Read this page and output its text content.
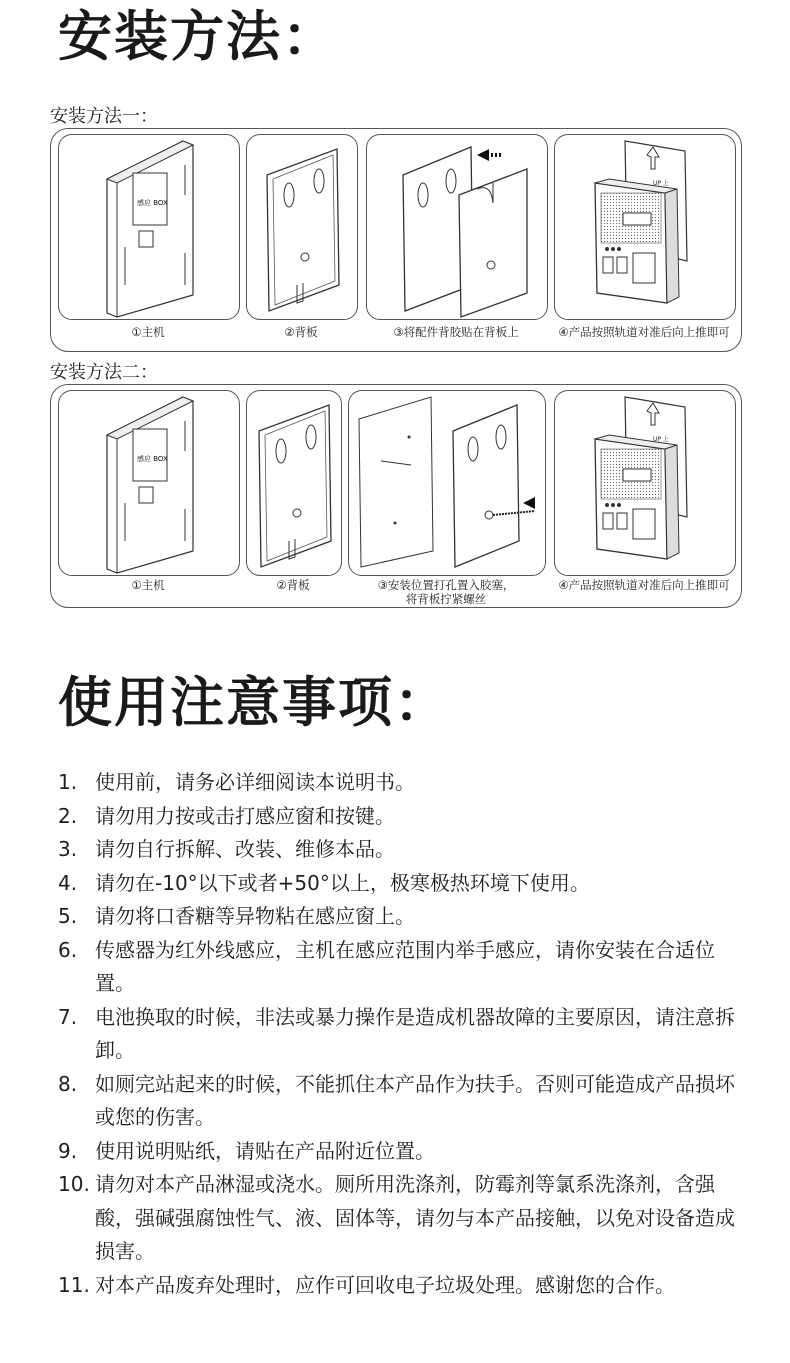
安装方法：
安装方法一：
感应 BOX
UP 上
①主机	②背板	③将配件背胶贴在背板上	④产品按照轨道对准后向上推即可
安装方法二：
感应 BOX
UP 上
①主机	②背板	③安装位置打孔置入胶塞，
将背板拧紧螺丝
④产品按照轨道对准后向上推即可
使用注意事项：
1. 使用前，请务必详细阅读本说明书。
2. 请勿用力按或击打感应窗和按键。
3. 请勿自行拆解、改装、维修本品。
4. 请勿在-10°以下或者+50°以上，极寒极热环境下使用。
5. 请勿将口香糖等异物粘在感应窗上。
6. 传感器为红外线感应，主机在感应范围内举手感应，请你安装在合适位置。
7. 电池换取的时候，非法或暴力操作是造成机器故障的主要原因，请注意拆卸。
8. 如厕完站起来的时候，不能抓住本产品作为扶手。否则可能造成产品损坏或您的伤害。
9. 使用说明贴纸，请贴在产品附近位置。
10. 请勿对本产品淋湿或浇水。厕所用洗涤剂，防霉剂等氯系洗涤剂，含强酸，强碱强腐蚀性气、液、固体等，请勿与本产品接触，以免对设备造成损害。
11. 对本产品废弃处理时，应作可回收电子垃圾处理。感谢您的合作。
